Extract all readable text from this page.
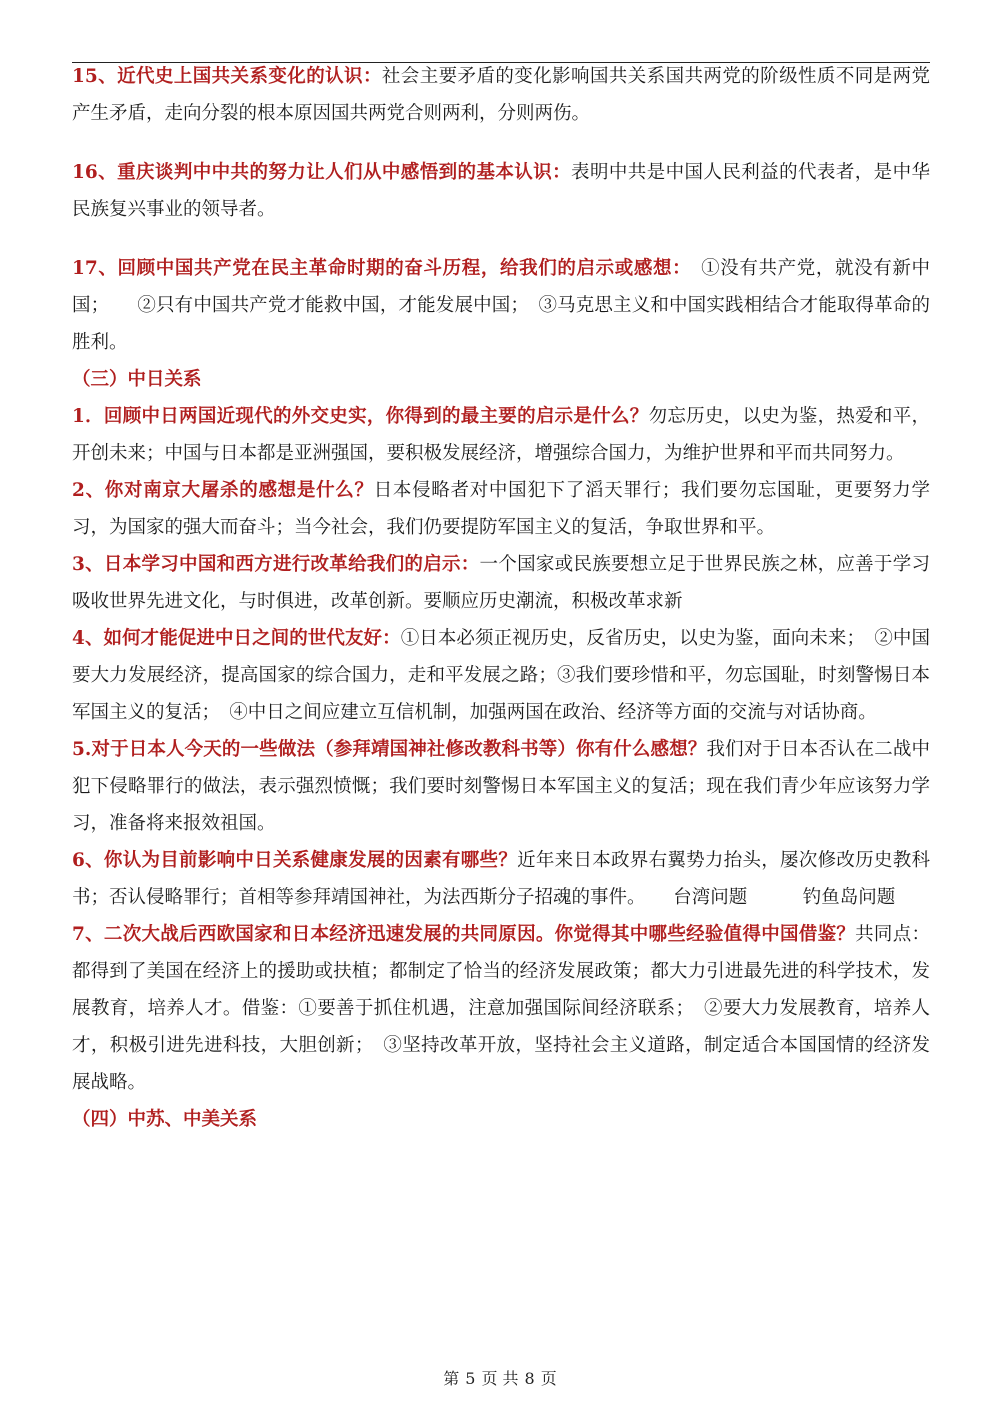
15、近代史上国共关系变化的认识：社会主要矛盾的变化影响国共关系国共两党的阶级性质不同是两党产生矛盾，走向分裂的根本原因国共两党合则两利，分则两伤。

16、重庆谈判中中共的努力让人们从中感悟到的基本认识：表明中共是中国人民利益的代表者，是中华民族复兴事业的领导者。

17、回顾中国共产党在民主革命时期的奋斗历程，给我们的启示或感想：　①没有共产党，就没有新中国；　　②只有中国共产党才能救中国，才能发展中国；　③马克思主义和中国实践相结合才能取得革命的胜利。

（三）中日关系

1．回顾中日两国近现代的外交史实，你得到的最主要的启示是什么？勿忘历史，以史为鉴，热爱和平，开创未来；中国与日本都是亚洲强国，要积极发展经济，增强综合国力，为维护世界和平而共同努力。

2、你对南京大屠杀的感想是什么？日本侵略者对中国犯下了滔天罪行；我们要勿忘国耻，更要努力学习，为国家的强大而奋斗；当今社会，我们仍要提防军国主义的复活，争取世界和平。

3、日本学习中国和西方进行改革给我们的启示：一个国家或民族要想立足于世界民族之林，应善于学习吸收世界先进文化，与时俱进，改革创新。要顺应历史潮流，积极改革求新

4、如何才能促进中日之间的世代友好：①日本必须正视历史，反省历史，以史为鉴，面向未来；　②中国要大力发展经济，提高国家的综合国力，走和平发展之路；③我们要珍惜和平，勿忘国耻，时刻警惕日本军国主义的复活；　④中日之间应建立互信机制，加强两国在政治、经济等方面的交流与对话协商。

5.对于日本人今天的一些做法（参拜靖国神社修改教科书等）你有什么感想？我们对于日本否认在二战中犯下侵略罪行的做法，表示强烈愤慨；我们要时刻警惕日本军国主义的复活；现在我们青少年应该努力学习，准备将来报效祖国。

6、你认为目前影响中日关系健康发展的因素有哪些？近年来日本政界右翼势力抬头，屡次修改历史教科书；否认侵略罪行；首相等参拜靖国神社，为法西斯分子招魂的事件。　　台湾问题　　　钓鱼岛问题

7、二次大战后西欧国家和日本经济迅速发展的共同原因。你觉得其中哪些经验值得中国借鉴？共同点：都得到了美国在经济上的援助或扶植；都制定了恰当的经济发展政策；都大力引进最先进的科学技术，发展教育，培养人才。借鉴：①要善于抓住机遇，注意加强国际间经济联系；　②要大力发展教育，培养人才，积极引进先进科技，大胆创新；　③坚持改革开放，坚持社会主义道路，制定适合本国国情的经济发展战略。

（四）中苏、中美关系

第 5 页 共 8 页
